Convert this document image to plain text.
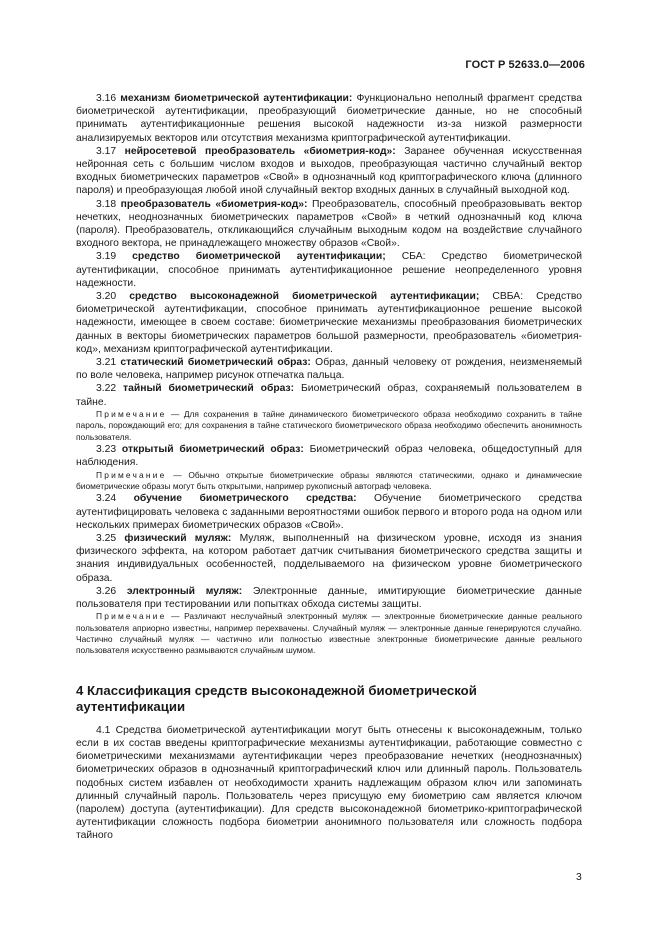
ГОСТ Р 52633.0—2006

3.16 механизм биометрической аутентификации: Функционально неполный фрагмент средства биометрической аутентификации, преобразующий биометрические данные, но не способный принимать аутентификационные решения высокой надежности из-за низкой размерности анализируемых векторов или отсутствия механизма криптографической аутентификации.

3.17 нейросетевой преобразователь «биометрия-код»: Заранее обученная искусственная нейронная сеть с большим числом входов и выходов, преобразующая частично случайный вектор входных биометрических параметров «Свой» в однозначный код криптографического ключа (длинного пароля) и преобразующая любой иной случайный вектор входных данных в случайный выходной код.

3.18 преобразователь «биометрия-код»: Преобразователь, способный преобразовывать вектор нечетких, неоднозначных биометрических параметров «Свой» в четкий однозначный код ключа (пароля). Преобразователь, откликающийся случайным выходным кодом на воздействие случайного входного вектора, не принадлежащего множеству образов «Свой».

3.19 средство биометрической аутентификации; СБА: Средство биометрической аутентификации, способное принимать аутентификационное решение неопределенного уровня надежности.

3.20 средство высоконадежной биометрической аутентификации; СВБА: Средство биометрической аутентификации, способное принимать аутентификационное решение высокой надежности, имеющее в своем составе: биометрические механизмы преобразования биометрических данных в векторы биометрических параметров большой размерности, преобразователь «биометрия-код», механизм криптографической аутентификации.

3.21 статический биометрический образ: Образ, данный человеку от рождения, неизменяемый по воле человека, например рисунок отпечатка пальца.

3.22 тайный биометрический образ: Биометрический образ, сохраняемый пользователем в тайне.

Примечание — Для сохранения в тайне динамического биометрического образа необходимо сохранить в тайне пароль, порождающий его; для сохранения в тайне статического биометрического образа необходимо обеспечить анонимность пользователя.

3.23 открытый биометрический образ: Биометрический образ человека, общедоступный для наблюдения.

Примечание — Обычно открытые биометрические образы являются статическими, однако и динамические биометрические образы могут быть открытыми, например рукописный автограф человека.

3.24 обучение биометрического средства: Обучение биометрического средства аутентифицировать человека с заданными вероятностями ошибок первого и второго рода на одном или нескольких примерах биометрических образов «Свой».

3.25 физический муляж: Муляж, выполненный на физическом уровне, исходя из знания физического эффекта, на котором работает датчик считывания биометрического средства защиты и знания индивидуальных особенностей, подделываемого на физическом уровне биометрического образа.

3.26 электронный муляж: Электронные данные, имитирующие биометрические данные пользователя при тестировании или попытках обхода системы защиты.

Примечание — Различают неслучайный электронный муляж — электронные биометрические данные реального пользователя априорно известны, например перехвачены. Случайный муляж — электронные данные генерируются случайно. Частично случайный муляж — частично или полностью известные электронные биометрические данные реального пользователя искусственно размываются случайным шумом.

4 Классификация средств высоконадежной биометрической
аутентификации

4.1 Средства биометрической аутентификации могут быть отнесены к высоконадежным, только если в их состав введены криптографические механизмы аутентификации, работающие совместно с биометрическими механизмами аутентификации через преобразование нечетких (неоднозначных) биометрических образов в однозначный криптографический ключ или длинный пароль. Пользователь подобных систем избавлен от необходимости хранить надлежащим образом ключ или запоминать длинный случайный пароль. Пользователь через присущую ему биометрию сам является ключом (паролем) доступа (аутентификации). Для средств высоконадежной биометрико-криптографической аутентификации сложность подбора биометрии анонимного пользователя или сложность подбора тайного

3
